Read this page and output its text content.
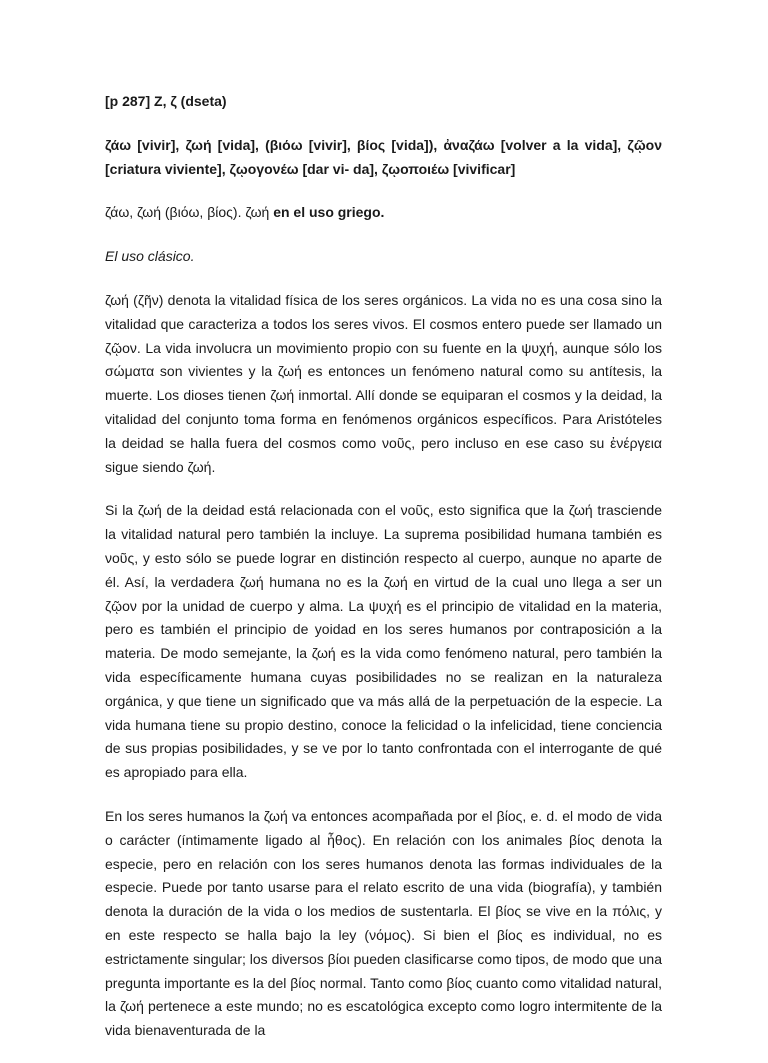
[p 287] Ζ, ζ (dseta)

ζάω [vivir], ζωή [vida], (βιόω [vivir], βίος [vida]), ἀναζάω [volver a la vida], ζῷον [criatura viviente], ζῳογονέω [dar vi- da], ζῳοποιέω [vivificar]

ζάω, ζωή (βιόω, βίος). ζωή en el uso griego.

El uso clásico.

ζωή (ζῆν) denota la vitalidad física de los seres orgánicos. La vida no es una cosa sino la vitalidad que caracteriza a todos los seres vivos. El cosmos entero puede ser llamado un ζῷον. La vida involucra un movimiento propio con su fuente en la ψυχή, aunque sólo los σώματα son vivientes y la ζωή es entonces un fenómeno natural como su antítesis, la muerte. Los dioses tienen ζωή inmortal. Allí donde se equiparan el cosmos y la deidad, la vitalidad del conjunto toma forma en fenómenos orgánicos específicos. Para Aristóteles la deidad se halla fuera del cosmos como νοῦς, pero incluso en ese caso su ἐνέργεια sigue siendo ζωή.

Si la ζωή de la deidad está relacionada con el νοῦς, esto significa que la ζωή trasciende la vitalidad natural pero también la incluye. La suprema posibilidad humana también es νοῦς, y esto sólo se puede lograr en distinción respecto al cuerpo, aunque no aparte de él. Así, la verdadera ζωή humana no es la ζωή en virtud de la cual uno llega a ser un ζῷον por la unidad de cuerpo y alma. La ψυχή es el principio de vitalidad en la materia, pero es también el principio de yoidad en los seres humanos por contraposición a la materia. De modo semejante, la ζωή es la vida como fenómeno natural, pero también la vida específicamente humana cuyas posibilidades no se realizan en la naturaleza orgánica, y que tiene un significado que va más allá de la perpetuación de la especie. La vida humana tiene su propio destino, conoce la felicidad o la infelicidad, tiene conciencia de sus propias posibilidades, y se ve por lo tanto confrontada con el interrogante de qué es apropiado para ella.

En los seres humanos la ζωή va entonces acompañada por el βίος, e. d. el modo de vida o carácter (íntimamente ligado al ἦθος). En relación con los animales βίος denota la especie, pero en relación con los seres humanos denota las formas individuales de la especie. Puede por tanto usarse para el relato escrito de una vida (biografía), y también denota la duración de la vida o los medios de sustentarla. El βίος se vive en la πόλις, y en este respecto se halla bajo la ley (νόμος). Si bien el βίος es individual, no es estrictamente singular; los diversos βίοι pueden clasificarse como tipos, de modo que una pregunta importante es la del βίος normal. Tanto como βίος cuanto como vitalidad natural, la ζωή pertenece a este mundo; no es escatológica excepto como logro intermitente de la vida bienaventurada de la
